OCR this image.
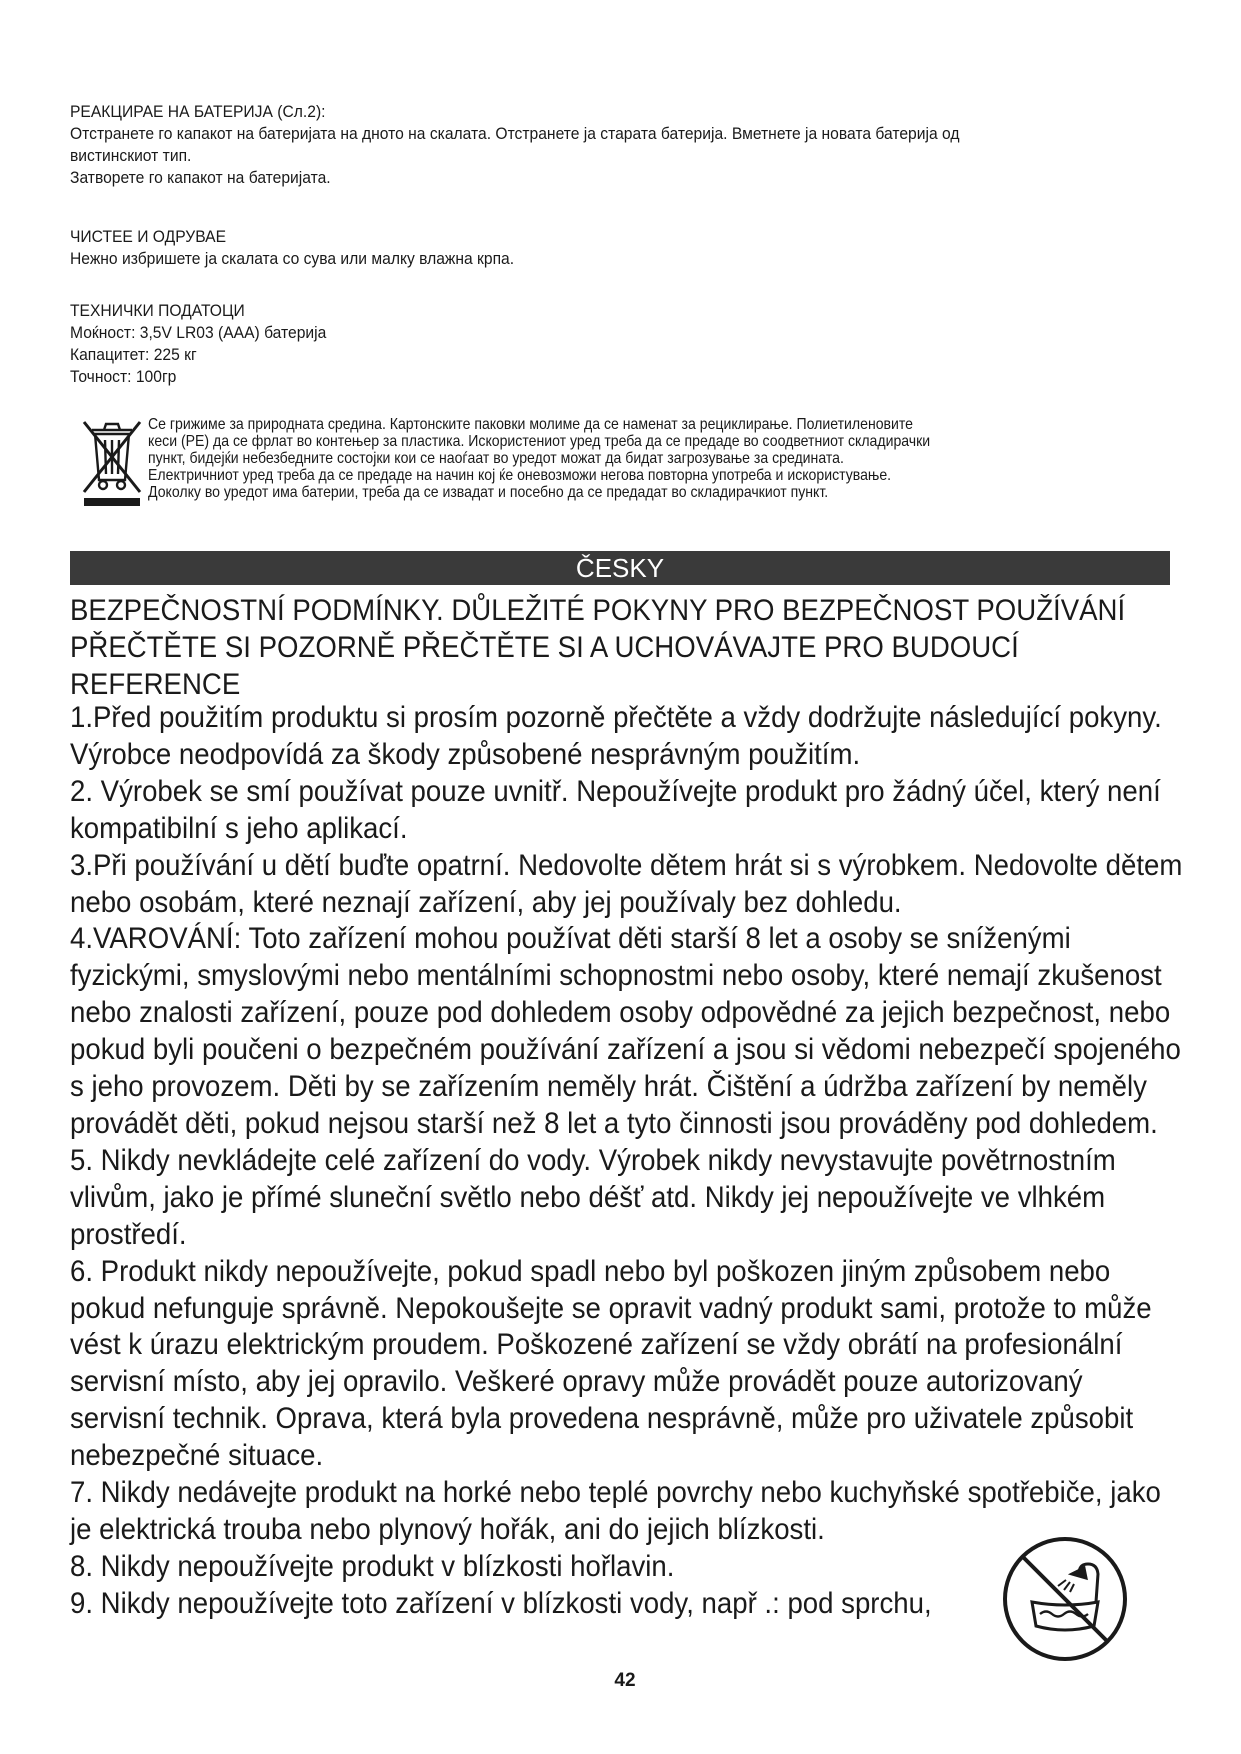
РЕАКЦИРАЕ НА БАТЕРИЈА (Сл.2):
Отстранете го капакот на батеријата на дното на скалата. Отстранете ја старата батерија. Вметнете ја новата батерија од
вистинскиот тип.
Затворете го капакот на батеријата.
ЧИСТЕЕ И ОДРУВАЕ
Нежно избришете ја скалата со сува или малку влажна крпа.
ТЕХНИЧКИ ПОДАТОЦИ
Моќност: 3,5V LR03 (AAA) батерија
Капацитет: 225 кг
Точност: 100гр
Се грижиме за природната средина. Картонските паковки молиме да се наменат за рециклирање. Полиетиленовите
кеси (PE) да се фрлат во контењер за пластика. Искористениот уред треба да се предаде во соодветниот складирачки
пункт, бидејќи небезбедните состојки кои се наоѓаат во уредот можат да бидат загрозување за средината.
Електричниот уред треба да се предаде на начин кој ќе оневозможи негова повторна употреба и искористување.
Доколку во уредот има батерии, треба да се извадат и посебно да се предадат во складирачкиот пункт.
ČESKY
BEZPEČNOSTNÍ PODMÍNKY. DŮLEŽITÉ POKYNY PRO BEZPEČNOST POUŽÍVÁNÍ
PŘEČTĚTE SI POZORNĚ PŘEČTĚTE SI A UCHOVÁVAJTE PRO BUDOUCÍ
REFERENCE
1.Před použitím produktu si prosím pozorně přečtěte a vždy dodržujte následující pokyny.
Výrobce neodpovídá za škody způsobené nesprávným použitím.
2. Výrobek se smí používat pouze uvnitř. Nepoužívejte produkt pro žádný účel, který není
kompatibilní s jeho aplikací.
3.Při používání u dětí buďte opatrní. Nedovolte dětem hrát si s výrobkem. Nedovolte dětem
nebo osobám, které neznají zařízení, aby jej používaly bez dohledu.
4.VAROVÁNÍ: Toto zařízení mohou používat děti starší 8 let a osoby se sníženými
fyzickými, smyslovými nebo mentálními schopnostmi nebo osoby, které nemají zkušenost
nebo znalosti zařízení, pouze pod dohledem osoby odpovědné za jejich bezpečnost, nebo
pokud byli poučeni o bezpečném používání zařízení a jsou si vědomi nebezpečí spojeného
s jeho provozem. Děti by se zařízením neměly hrát. Čištění a údržba zařízení by neměly
provádět děti, pokud nejsou starší než 8 let a tyto činnosti jsou prováděny pod dohledem.
5. Nikdy nevkládejte celé zařízení do vody. Výrobek nikdy nevystavujte povětrnostním
vlivům, jako je přímé sluneční světlo nebo déšť atd. Nikdy jej nepoužívejte ve vlhkém
prostředí.
6. Produkt nikdy nepoužívejte, pokud spadl nebo byl poškozen jiným způsobem nebo
pokud nefunguje správně. Nepokoušejte se opravit vadný produkt sami, protože to může
vést k úrazu elektrickým proudem. Poškozené zařízení se vždy obrátí na profesionální
servisní místo, aby jej opravilo. Veškeré opravy může provádět pouze autorizovaný
servisní technik. Oprava, která byla provedena nesprávně, může pro uživatele způsobit
nebezpečné situace.
7. Nikdy nedávejte produkt na horké nebo teplé povrchy nebo kuchyňské spotřebiče, jako
je elektrická trouba nebo plynový hořák, ani do jejich blízkosti.
8. Nikdy nepoužívejte produkt v blízkosti hořlavin.
9. Nikdy nepoužívejte toto zařízení v blízkosti vody, např .: pod sprchu,
42
